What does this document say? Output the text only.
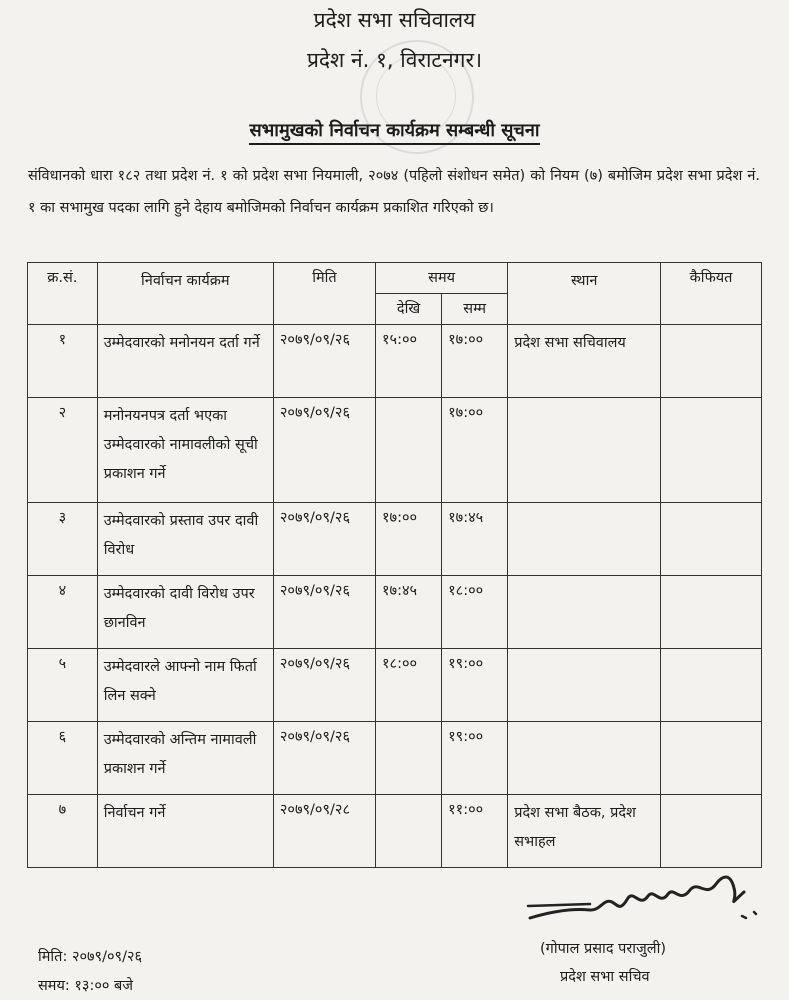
प्रदेश सभा सचिवालय
प्रदेश नं. १, विराटनगर।
सभामुखको निर्वाचन कार्यक्रम सम्बन्धी सूचना
संविधानको धारा १८२ तथा प्रदेश नं. १ को प्रदेश सभा नियमाली, २०७४ (पहिलो संशोधन समेत) को नियम (७) बमोजिम प्रदेश सभा प्रदेश नं. १ का सभामुख पदका लागि हुने देहाय बमोजिमको निर्वाचन कार्यक्रम प्रकाशित गरिएको छ।
क्र.सं.	निर्वाचन कार्यक्रम	मिति	समय		स्थान	कैफियत
			देखि	सम्म		
१	उम्मेदवारको मनोनयन दर्ता गर्ने	२०७९/०९/२६	१५:००	१७:००	प्रदेश सभा सचिवालय	
२	मनोनयनपत्र दर्ता भएका उम्मेदवारको नामावलीको सूची प्रकाशन गर्ने	२०७९/०९/२६		१७:००		
३	उम्मेदवारको प्रस्ताव उपर दावी विरोध	२०७९/०९/२६	१७:००	१७:४५		
४	उम्मेदवारको दावी विरोध उपर छानविन	२०७९/०९/२६	१७:४५	१८:००		
५	उम्मेदवारले आफ्नो नाम फिर्ता लिन सक्ने	२०७९/०९/२६	१८:००	१९:००		
६	उम्मेदवारको अन्तिम नामावली प्रकाशन गर्ने	२०७९/०९/२६		१९:००		
७	निर्वाचन गर्ने	२०७९/०९/२८		११:००	प्रदेश सभा बैठक, प्रदेश सभाहल	
(गोपाल प्रसाद पराजुली)
प्रदेश सभा सचिव
मिति: २०७९/०९/२६
समय: १३:०० बजे
